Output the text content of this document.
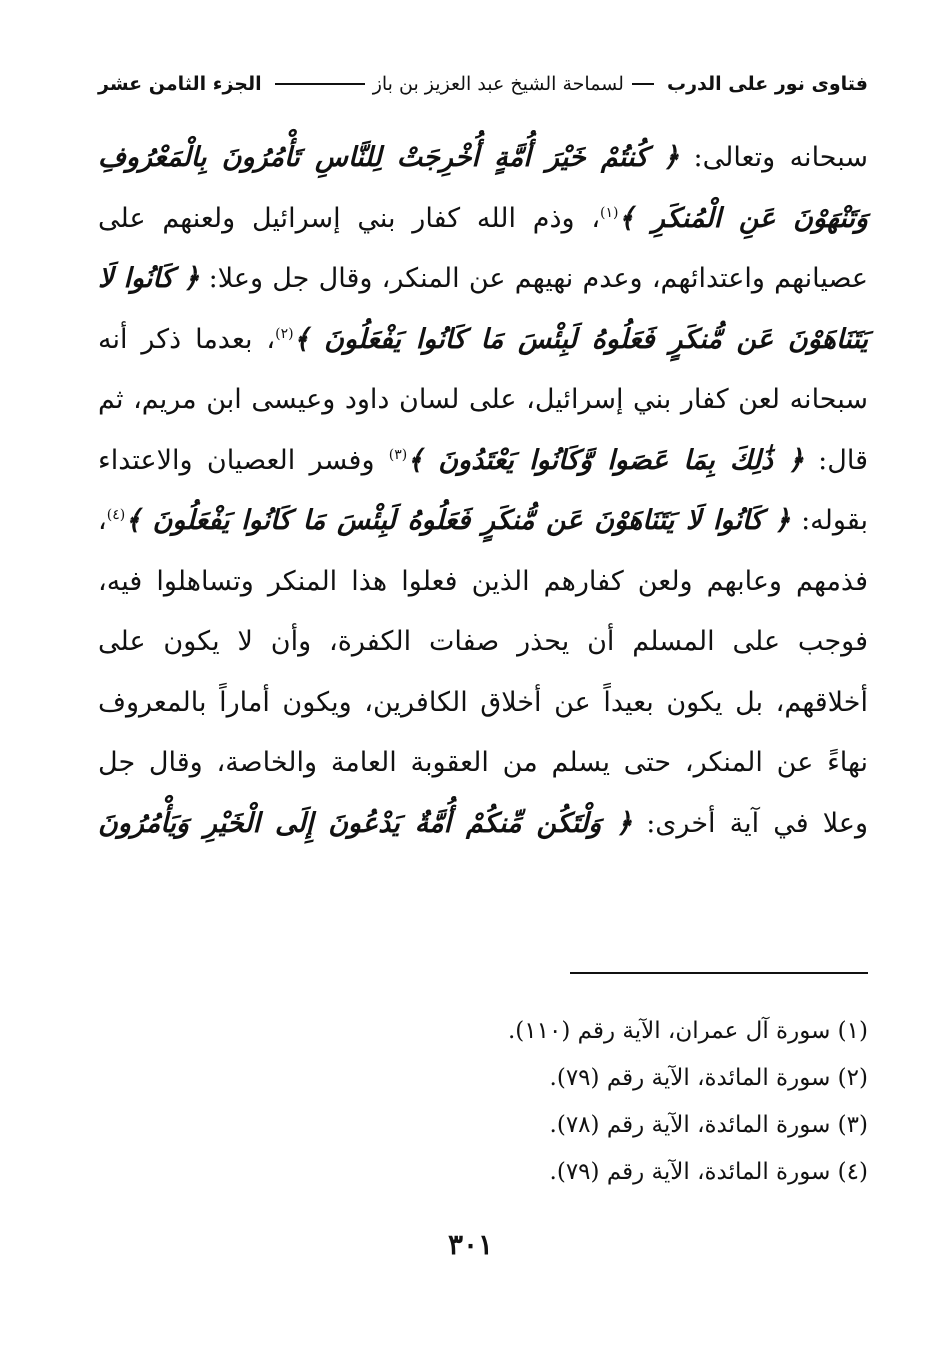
فتاوى نور على الدرب
لسماحة الشيخ عبد العزيز بن باز
الجزء الثامن عشر

سبحانه وتعالى: ﴿ كُنتُمْ خَيْرَ أُمَّةٍ أُخْرِجَتْ لِلنَّاسِ تَأْمُرُونَ بِالْمَعْرُوفِ وَتَنْهَوْنَ عَنِ الْمُنكَرِ ﴾$^{(١)}$، وذم الله كفار بني إسرائيل ولعنهم على عصيانهم واعتدائهم، وعدم نهيهم عن المنكر، وقال جل وعلا: ﴿ كَانُوا لَا يَتَنَاهَوْنَ عَن مُّنكَرٍ فَعَلُوهُ لَبِئْسَ مَا كَانُوا يَفْعَلُونَ ﴾$^{(٢)}$، بعدما ذكر أنه سبحانه لعن كفار بني إسرائيل، على لسان داود وعيسى ابن مريم، ثم قال: ﴿ ذَٰلِكَ بِمَا عَصَوا وَّكَانُوا يَعْتَدُونَ ﴾$^{(٣)}$ وفسر العصيان والاعتداء بقوله: ﴿ كَانُوا لَا يَتَنَاهَوْنَ عَن مُّنكَرٍ فَعَلُوهُ لَبِئْسَ مَا كَانُوا يَفْعَلُونَ ﴾$^{(٤)}$، فذمهم وعابهم ولعن كفارهم الذين فعلوا هذا المنكر وتساهلوا فيه، فوجب على المسلم أن يحذر صفات الكفرة، وأن لا يكون على أخلاقهم، بل يكون بعيداً عن أخلاق الكافرين، ويكون أماراً بالمعروف نهاءً عن المنكر، حتى يسلم من العقوبة العامة والخاصة، وقال جل وعلا في آية أخرى: ﴿ وَلْتَكُن مِّنكُمْ أُمَّةٌ يَدْعُونَ إِلَى الْخَيْرِ وَيَأْمُرُونَ

(١) سورة آل عمران، الآية رقم (١١٠).
(٢) سورة المائدة، الآية رقم (٧٩).
(٣) سورة المائدة، الآية رقم (٧٨).
(٤) سورة المائدة، الآية رقم (٧٩).
٣٠١
